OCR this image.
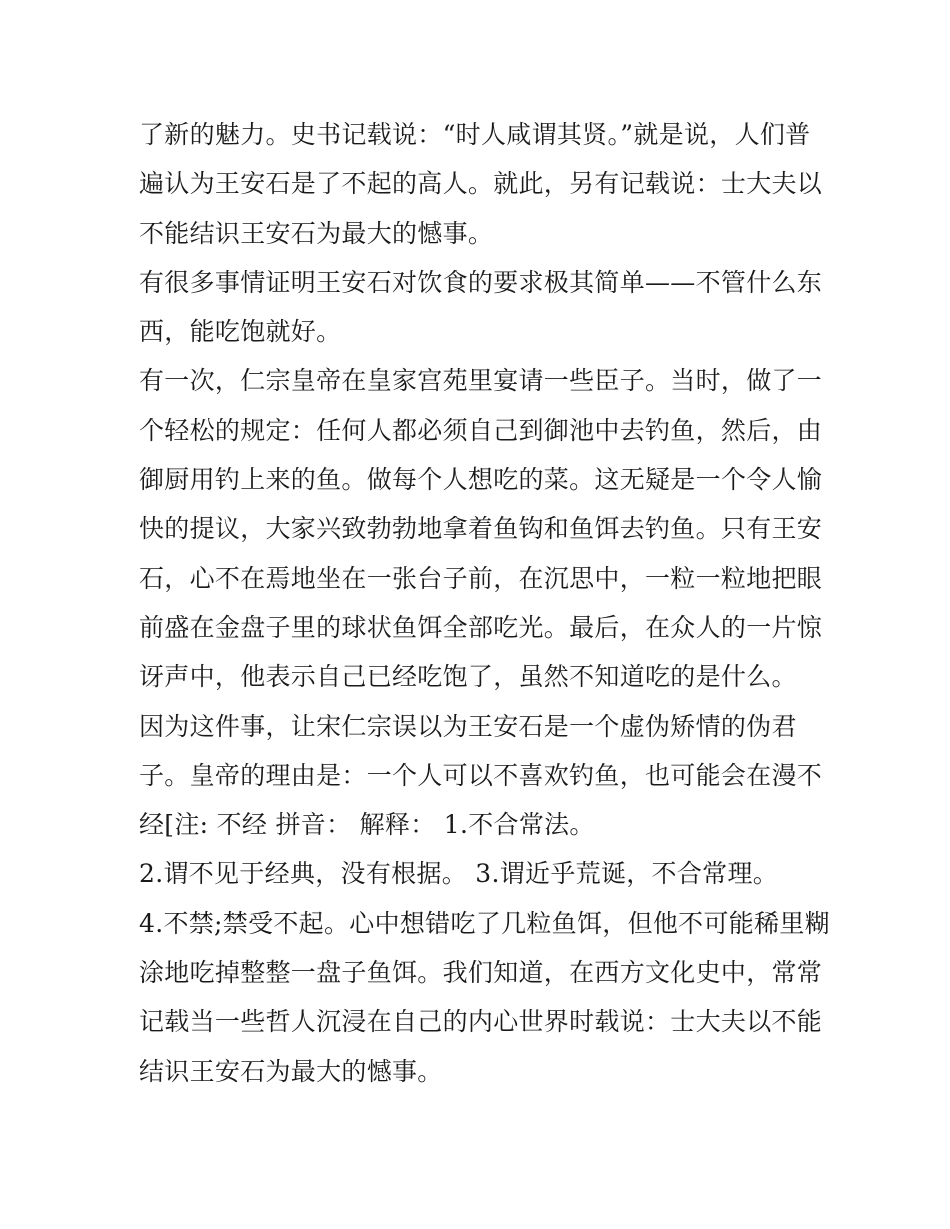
了新的魅力。史书记载说：“时人咸谓其贤。”就是说，人们普
遍认为王安石是了不起的高人。就此，另有记载说：士大夫以
不能结识王安石为最大的憾事。

有很多事情证明王安石对饮食的要求极其简单——不管什么东
西，能吃饱就好。

有一次，仁宗皇帝在皇家宫苑里宴请一些臣子。当时，做了一
个轻松的规定：任何人都必须自己到御池中去钓鱼，然后，由
御厨用钓上来的鱼。做每个人想吃的菜。这无疑是一个令人愉
快的提议，大家兴致勃勃地拿着鱼钩和鱼饵去钓鱼。只有王安
石，心不在焉地坐在一张台子前，在沉思中，一粒一粒地把眼
前盛在金盘子里的球状鱼饵全部吃光。最后，在众人的一片惊
讶声中，他表示自己已经吃饱了，虽然不知道吃的是什么。

因为这件事，让宋仁宗误以为王安石是一个虚伪矫情的伪君
子。皇帝的理由是：一个人可以不喜欢钓鱼，也可能会在漫不
经[注: 不经 拼音： 解释： 1.不合常法。

2.谓不见于经典，没有根据。 3.谓近乎荒诞，不合常理。

4.不禁;禁受不起。心中想错吃了几粒鱼饵，但他不可能稀里糊
涂地吃掉整整一盘子鱼饵。我们知道，在西方文化史中，常常
记载当一些哲人沉浸在自己的内心世界时载说：士大夫以不能
结识王安石为最大的憾事。
